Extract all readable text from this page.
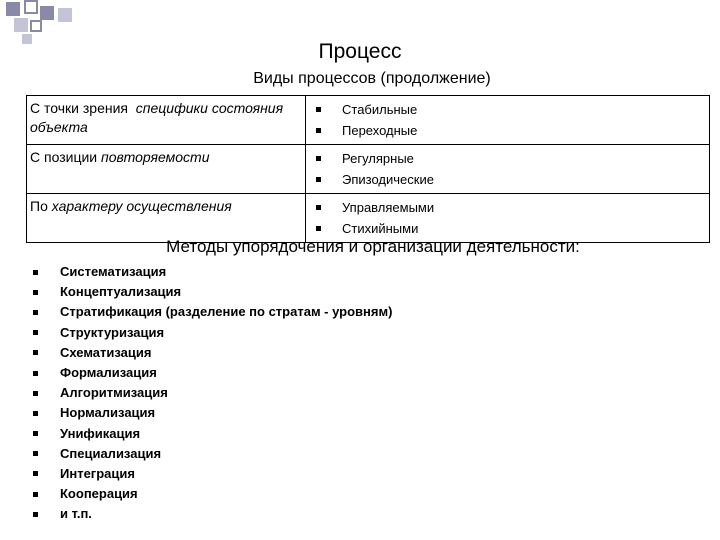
Процесс
Виды процессов (продолжение)
С точки зрения специфики состояния объекта	Стабильные
Переходные

С позиции повторяемости	Регулярные
Эпизодические

По характеру осуществления	Управляемыми
Стихийными
Методы упорядочения и организации деятельности:
Систематизация
Концептуализация
Стратификация (разделение по стратам - уровням)
Структуризация
Схематизация
Формализация
Алгоритмизация
Нормализация
Унификация
Специализация
Интеграция
Кооперация
и т.п.
